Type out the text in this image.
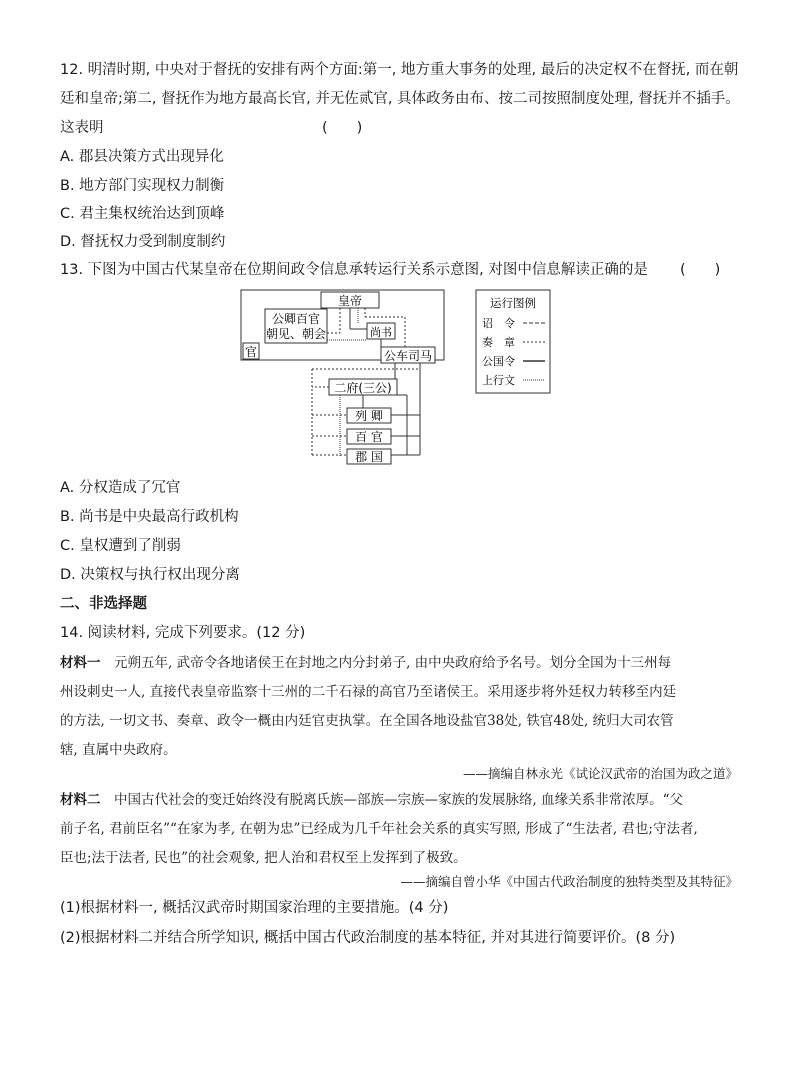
12. 明清时期, 中央对于督抚的安排有两个方面:第一, 地方重大事务的处理, 最后的决定权不在督抚, 而在朝
廷和皇帝;第二, 督抚作为地方最高长官, 并无佐贰官, 具体政务由布、按二司按照制度处理, 督抚并不插手。
这表明	(　　)
A. 郡县决策方式出现异化
B. 地方部门实现权力制衡
C. 君主集权统治达到顶峰
D. 督抚权力受到制度制约
13. 下图为中国古代某皇帝在位期间政令信息承转运行关系示意图, 对图中信息解读正确的是 (　　)
皇帝
公卿百官
朝见、朝会	尚书
官	公车司马
二府(三公)
列 卿
百 官
郡 国
运行图例
诏　令
奏　章
公国令
上行文
A. 分权造成了冗官
B. 尚书是中央最高行政机构
C. 皇权遭到了削弱
D. 决策权与执行权出现分离
二、非选择题
14. 阅读材料, 完成下列要求。(12 分)
材料一　元朔五年, 武帝令各地诸侯王在封地之内分封弟子, 由中央政府给予名号。划分全国为十三州每
州设刺史一人, 直接代表皇帝监察十三州的二千石禄的高官乃至诸侯王。采用逐步将外廷权力转移至内廷
的方法, 一切文书、奏章、政令一概由内廷官吏执掌。在全国各地设盐官38处, 铁官48处, 统归大司农管
辖, 直属中央政府。
——摘编自林永光《试论汉武帝的治国为政之道》
材料二　中国古代社会的变迁始终没有脱离氏族—部族—宗族—家族的发展脉络, 血缘关系非常浓厚。“父
前子名, 君前臣名”“在家为孝, 在朝为忠”已经成为几千年社会关系的真实写照, 形成了“生法者, 君也;守法者,
臣也;法于法者, 民也”的社会观象, 把人治和君权至上发挥到了极致。
——摘编自曾小华《中国古代政治制度的独特类型及其特征》
(1)根据材料一, 概括汉武帝时期国家治理的主要措施。(4 分)
(2)根据材料二并结合所学知识, 概括中国古代政治制度的基本特征, 并对其进行简要评价。(8 分)
